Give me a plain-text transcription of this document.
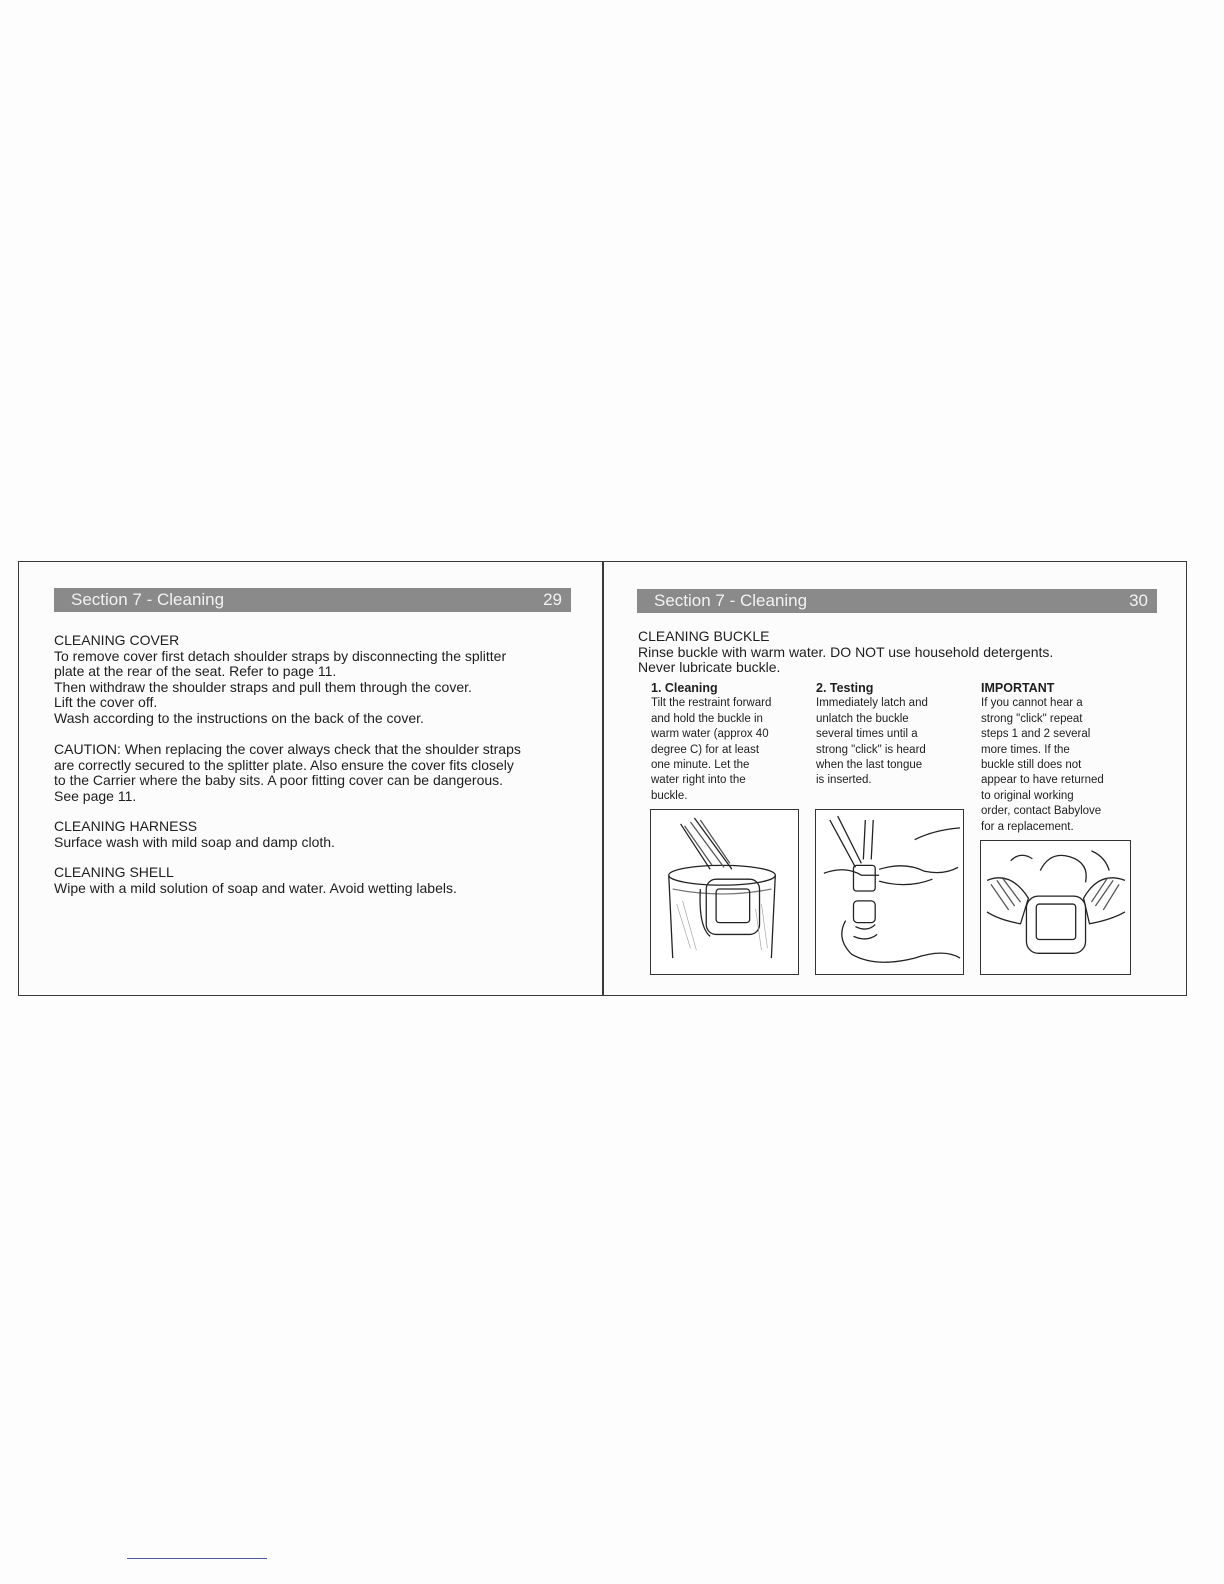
Section 7 - Cleaning	29

CLEANING COVER

To remove cover first detach shoulder straps by disconnecting the splitter

plate at the rear of the seat. Refer to page 11.

Then withdraw the shoulder straps and pull them through the cover.

Lift the cover off.

Wash according to the instructions on the back of the cover.

CAUTION: When replacing the cover always check that the shoulder straps

are correctly secured to the splitter plate. Also ensure the cover fits closely

to the Carrier where the baby sits. A poor fitting cover can be dangerous.

See page 11.

CLEANING HARNESS

Surface wash with mild soap and damp cloth.

CLEANING SHELL

Wipe with a mild solution of soap and water. Avoid wetting labels.

Section 7 - Cleaning	30

CLEANING BUCKLE

Rinse buckle with warm water. DO NOT use household detergents.

Never lubricate buckle.

1. Cleaning
Tilt the restraint forward
and hold the buckle in
warm water (approx 40
degree C) for at least
one minute. Let the
water right into the
buckle.
2. Testing
Immediately latch and
unlatch the buckle
several times until a
strong "click" is heard
when the last tongue
is inserted.
IMPORTANT
If you cannot hear a
strong "click" repeat
steps 1 and 2 several
more times. If the
buckle still does not
appear to have returned
to original working
order, contact Babylove
for a replacement.
